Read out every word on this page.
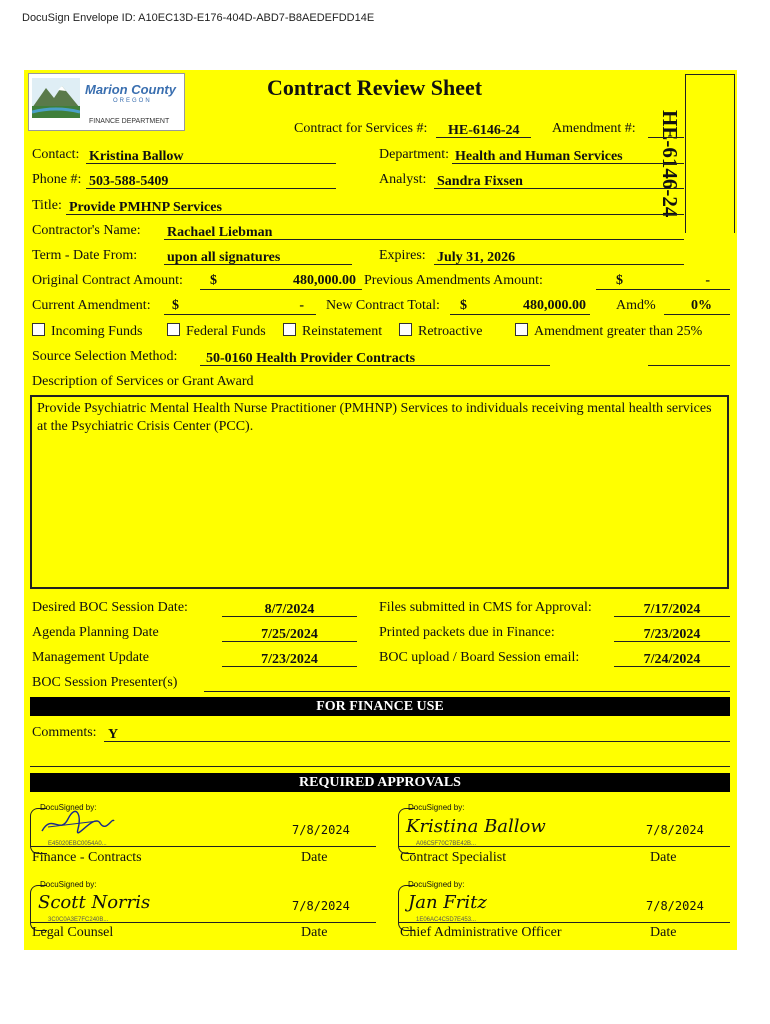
DocuSign Envelope ID: A10EC13D-E176-404D-ABD7-B8AEDEFDD14E
Marion County
OREGON
FINANCE DEPARTMENT
Contract Review Sheet
HE-6146-24
Contract for Services #:	HE-6146-24	Amendment #:
Contact: Kristina Ballow	Department: Health and Human Services
Phone #: 503-588-5409	Analyst: Sandra Fixsen
Title: Provide PMHNP Services
Contractor's Name: Rachael Liebman
Term - Date From: upon all signatures	Expires: July 31, 2026
Original Contract Amount: $	480,000.00 Previous Amendments Amount:	$	-
Current Amendment: $	- New Contract Total: $	480,000.00 Amd%	0%
Incoming Funds	Federal Funds	Reinstatement	Retroactive	Amendment greater than 25%
Source Selection Method:	50-0160 Health Provider Contracts
Description of Services or Grant Award
Provide Psychiatric Mental Health Nurse Practitioner (PMHNP) Services to individuals receiving mental health services at the Psychiatric Crisis Center (PCC).
Desired BOC Session Date:	8/7/2024	Files submitted in CMS for Approval:	7/17/2024
Agenda Planning Date	7/25/2024	Printed packets due in Finance:	7/23/2024
Management Update	7/23/2024	BOC upload / Board Session email:	7/24/2024
BOC Session Presenter(s)
FOR FINANCE USE
Comments: Y
REQUIRED APPROVALS
DocuSigned by:
E45020EBC0054A0...
7/8/2024
Finance - Contracts	Date
DocuSigned by:
Kristina Ballow
A06C5F70C7BE42B...
7/8/2024
Contract Specialist	Date
DocuSigned by:
Scott Norris
3C0C0A3E7FC240B...
7/8/2024
Legal Counsel	Date
DocuSigned by:
Jan Fritz
1E06AC4C5D7E453...
7/8/2024
Chief Administrative Officer	Date
